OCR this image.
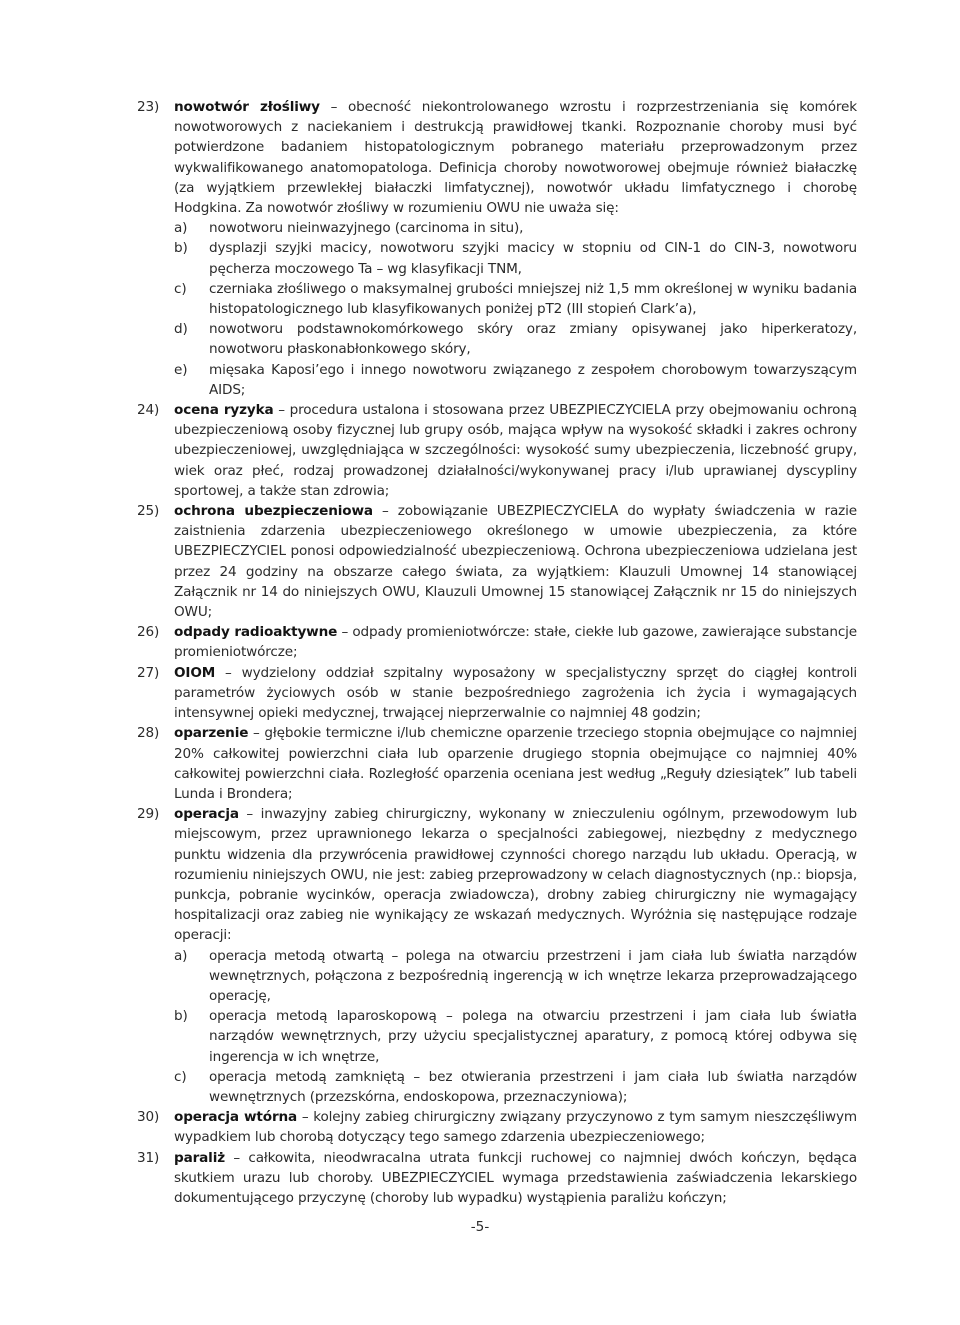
23)	nowotwór złośliwy – obecność niekontrolowanego wzrostu i rozprzestrzeniania się komórek nowotworowych z naciekaniem i destrukcją prawidłowej tkanki. Rozpoznanie choroby musi być potwierdzone badaniem histopatologicznym pobranego materiału przeprowadzonym przez wykwalifikowanego anatomopatologa. Definicja choroby nowotworowej obejmuje również białaczkę (za wyjątkiem przewlekłej białaczki limfatycznej), nowotwór układu limfatycznego i chorobę Hodgkina. Za nowotwór złośliwy w rozumieniu OWU nie uważa się:
a)	nowotworu nieinwazyjnego (carcinoma in situ),
b)	dysplazji szyjki macicy, nowotworu szyjki macicy w stopniu od CIN-1 do CIN-3, nowotworu pęcherza moczowego Ta – wg klasyfikacji TNM,
c)	czerniaka złośliwego o maksymalnej grubości mniejszej niż 1,5 mm określonej w wyniku badania histopatologicznego lub klasyfikowanych poniżej pT2 (III stopień Clark’a),
d)	nowotworu podstawnokomórkowego skóry oraz zmiany opisywanej jako hiperkeratozy, nowotworu płaskonabłonkowego skóry,
e)	mięsaka Kaposi’ego i innego nowotworu związanego z zespołem chorobowym towarzyszącym AIDS;
24)	ocena ryzyka – procedura ustalona i stosowana przez UBEZPIECZYCIELA przy obejmowaniu ochroną ubezpieczeniową osoby fizycznej lub grupy osób, mająca wpływ na wysokość składki i zakres ochrony ubezpieczeniowej, uwzględniająca w szczególności: wysokość sumy ubezpieczenia, liczebność grupy, wiek oraz płeć, rodzaj prowadzonej działalności/wykonywanej pracy i/lub uprawianej dyscypliny sportowej, a także stan zdrowia;
25)	ochrona ubezpieczeniowa – zobowiązanie UBEZPIECZYCIELA do wypłaty świadczenia w razie zaistnienia zdarzenia ubezpieczeniowego określonego w umowie ubezpieczenia, za które UBEZPIECZYCIEL ponosi odpowiedzialność ubezpieczeniową. Ochrona ubezpieczeniowa udzielana jest przez 24 godziny na obszarze całego świata, za wyjątkiem: Klauzuli Umownej 14 stanowiącej Załącznik nr 14 do niniejszych OWU, Klauzuli Umownej 15 stanowiącej Załącznik nr 15 do niniejszych OWU;
26)	odpady radioaktywne – odpady promieniotwórcze: stałe, ciekłe lub gazowe, zawierające substancje promieniotwórcze;
27)	OIOM – wydzielony oddział szpitalny wyposażony w specjalistyczny sprzęt do ciągłej kontroli parametrów życiowych osób w stanie bezpośredniego zagrożenia ich życia i wymagających intensywnej opieki medycznej, trwającej nieprzerwalnie co najmniej 48 godzin;
28)	oparzenie – głębokie termiczne i/lub chemiczne oparzenie trzeciego stopnia obejmujące co najmniej 20% całkowitej powierzchni ciała lub oparzenie drugiego stopnia obejmujące co najmniej 40% całkowitej powierzchni ciała. Rozległość oparzenia oceniana jest według „Reguły dziesiątek” lub tabeli Lunda i Brondera;
29)	operacja – inwazyjny zabieg chirurgiczny, wykonany w znieczuleniu ogólnym, przewodowym lub miejscowym, przez uprawnionego lekarza o specjalności zabiegowej, niezbędny z medycznego punktu widzenia dla przywrócenia prawidłowej czynności chorego narządu lub układu. Operacją, w rozumieniu niniejszych OWU, nie jest: zabieg przeprowadzony w celach diagnostycznych (np.: biopsja, punkcja, pobranie wycinków, operacja zwiadowcza), drobny zabieg chirurgiczny nie wymagający hospitalizacji oraz zabieg nie wynikający ze wskazań medycznych. Wyróżnia się następujące rodzaje operacji:
a)	operacja metodą otwartą – polega na otwarciu przestrzeni i jam ciała lub światła narządów wewnętrznych, połączona z bezpośrednią ingerencją w ich wnętrze lekarza przeprowadzającego operację,
b)	operacja metodą laparoskopową – polega na otwarciu przestrzeni i jam ciała lub światła narządów wewnętrznych, przy użyciu specjalistycznej aparatury, z pomocą której odbywa się ingerencja w ich wnętrze,
c)	operacja metodą zamkniętą – bez otwierania przestrzeni i jam ciała lub światła narządów wewnętrznych (przezskórna, endoskopowa, przeznaczyniowa);
30)	operacja wtórna – kolejny zabieg chirurgiczny związany przyczynowo z tym samym nieszczęśliwym wypadkiem lub chorobą dotyczący tego samego zdarzenia ubezpieczeniowego;
31)	paraliż – całkowita, nieodwracalna utrata funkcji ruchowej co najmniej dwóch kończyn, będąca skutkiem urazu lub choroby. UBEZPIECZYCIEL wymaga przedstawienia zaświadczenia lekarskiego dokumentującego przyczynę (choroby lub wypadku) wystąpienia paraliżu kończyn;
-5-
